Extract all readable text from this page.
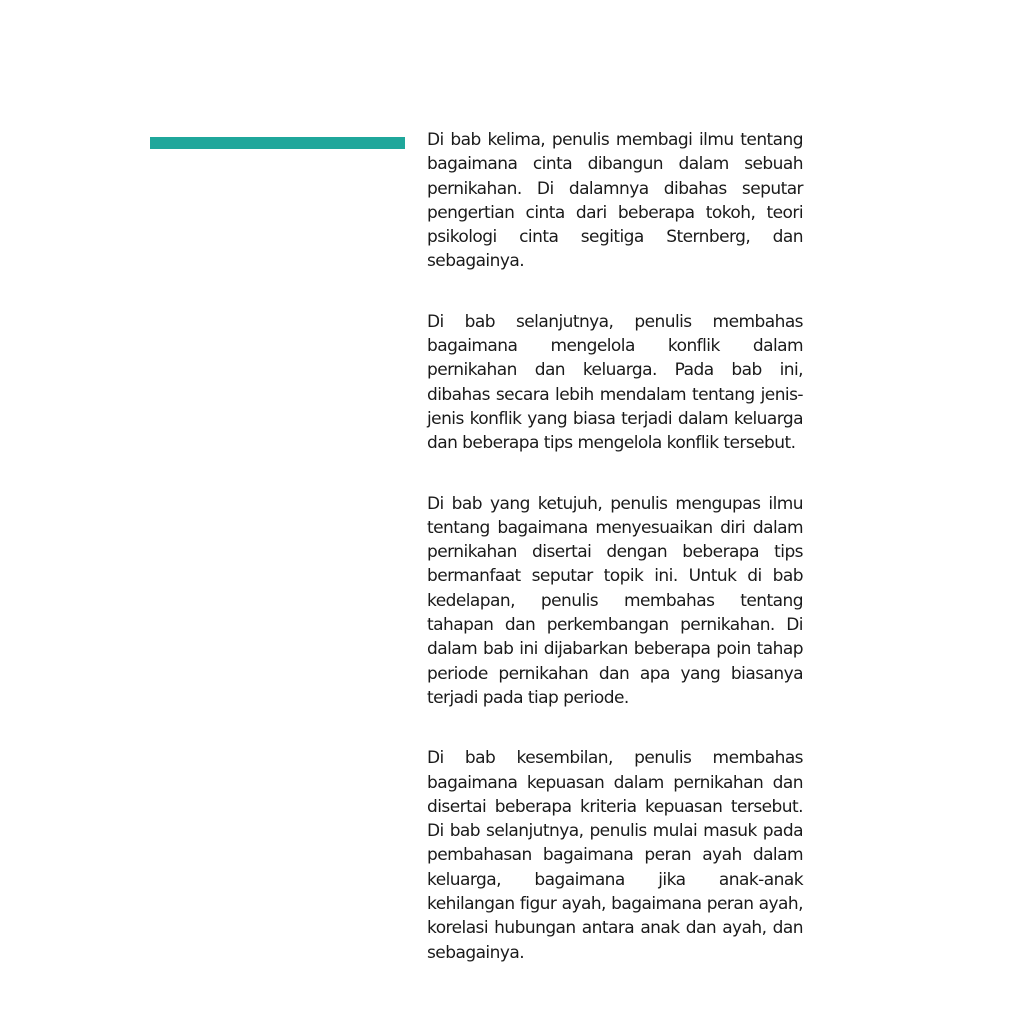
Di bab kelima, penulis membagi ilmu tentang bagaimana cinta dibangun dalam sebuah pernikahan. Di dalamnya dibahas seputar pengertian cinta dari beberapa tokoh, teori psikologi cinta segitiga Sternberg, dan sebagainya.

Di bab selanjutnya, penulis membahas bagaimana mengelola konflik dalam pernikahan dan keluarga. Pada bab ini, dibahas secara lebih mendalam tentang jenis-jenis konflik yang biasa terjadi dalam keluarga dan beberapa tips mengelola konflik tersebut.

Di bab yang ketujuh, penulis mengupas ilmu tentang bagaimana menyesuaikan diri dalam pernikahan disertai dengan beberapa tips bermanfaat seputar topik ini. Untuk di bab kedelapan, penulis membahas tentang tahapan dan perkembangan pernikahan. Di dalam bab ini dijabarkan beberapa poin tahap periode pernikahan dan apa yang biasanya terjadi pada tiap periode.

Di bab kesembilan, penulis membahas bagaimana kepuasan dalam pernikahan dan disertai beberapa kriteria kepuasan tersebut. Di bab selanjutnya, penulis mulai masuk pada pembahasan bagaimana peran ayah dalam keluarga, bagaimana jika anak-anak kehilangan figur ayah, bagaimana peran ayah, korelasi hubungan antara anak dan ayah, dan sebagainya.
